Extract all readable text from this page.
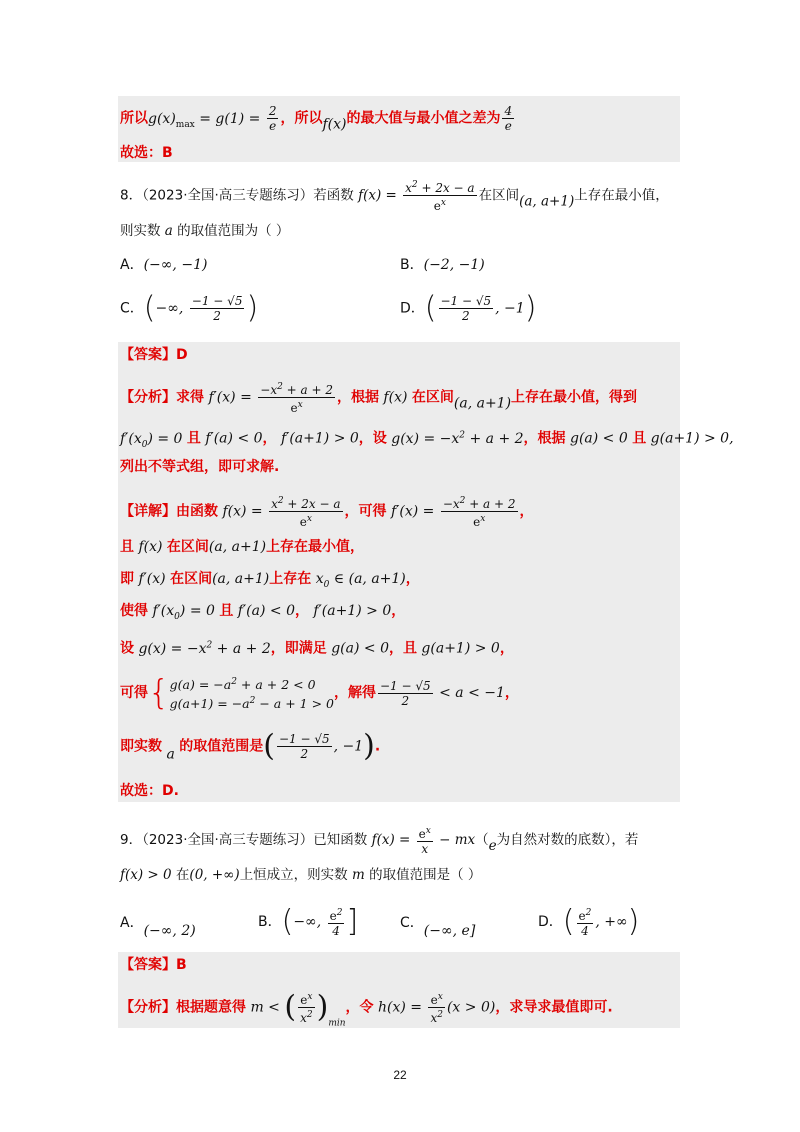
所以$g(x)_{max} = g(1) = \frac{2}{e}$ ，所以f(x)的最大值与最小值之差为 $\frac{4}{e}$
故选：B
8．（2023·全国·高三专题练习）若函数 $f(x) = \frac{x^2 + 2x - a}{e^x}$ 在区间(a, a+1)上存在最小值，
则实数 a 的取值范围为（ ）
A．(−∞, −1)	B．(−2, −1)
C．(−∞, $\frac{-1 - √5}{2}$ )	D．( $\frac{-1 - √5}{2}$ , −1)
【答案】D
【分析】求得 $f'(x) = \frac{-x^2 + a + 2}{e^x}$ ，根据 f(x) 在区间(a, a+1)上存在最小值，得到
$f'(x_0) = 0$ 且 f′(a) < 0， f′(a+1) > 0，设 $g(x) = -x^2 + a + 2$，根据 g(a) < 0 且 g(a+1) > 0,
列出不等式组，即可求解.
【详解】由函数 $f(x) = \frac{x^2 + 2x - a}{e^x}$ ，可得 $f'(x) = \frac{-x^2 + a + 2}{e^x}$ ，
且 f(x) 在区间(a, a+1)上存在最小值，
即 f′(x) 在区间(a, a+1)上存在 $x_0$ ∈ (a, a+1)，
使得 $f'(x_0) = 0$ 且 f′(a) < 0， f′(a+1) > 0，
设 $g(x) = -x^2 + a + 2$，即满足 g(a) < 0，且 g(a+1) > 0，
可得{ $g(a) = -a^2 + a + 2 < 0$
$g(a+1) = -a^2 - a + 1 > 0$
，解得 $\frac{-1 - √5}{2} < a < -1$，
即实数 a 的取值范围是( $\frac{-1 - √5}{2}$ , −1).
故选：D.
9．（2023·全国·高三专题练习）已知函数 $f(x) = \frac{e^x}{x} - mx(e$为自然对数的底数），若
f(x) > 0 在(0, +∞)上恒成立，则实数 m 的取值范围是（ ）
A．(−∞, 2)
B．(−∞, $\frac{e^2}{4}$ ]	C．(−∞, e]
D．( $\frac{e^2}{4}$ , +∞)
【答案】B
【分析】根据题意得 m < ( $\frac{e^x}{x^2} )_{min}$，令 $h(x) = \frac{e^x}{x^2} (x > 0)$，求导求最值即可.
22
